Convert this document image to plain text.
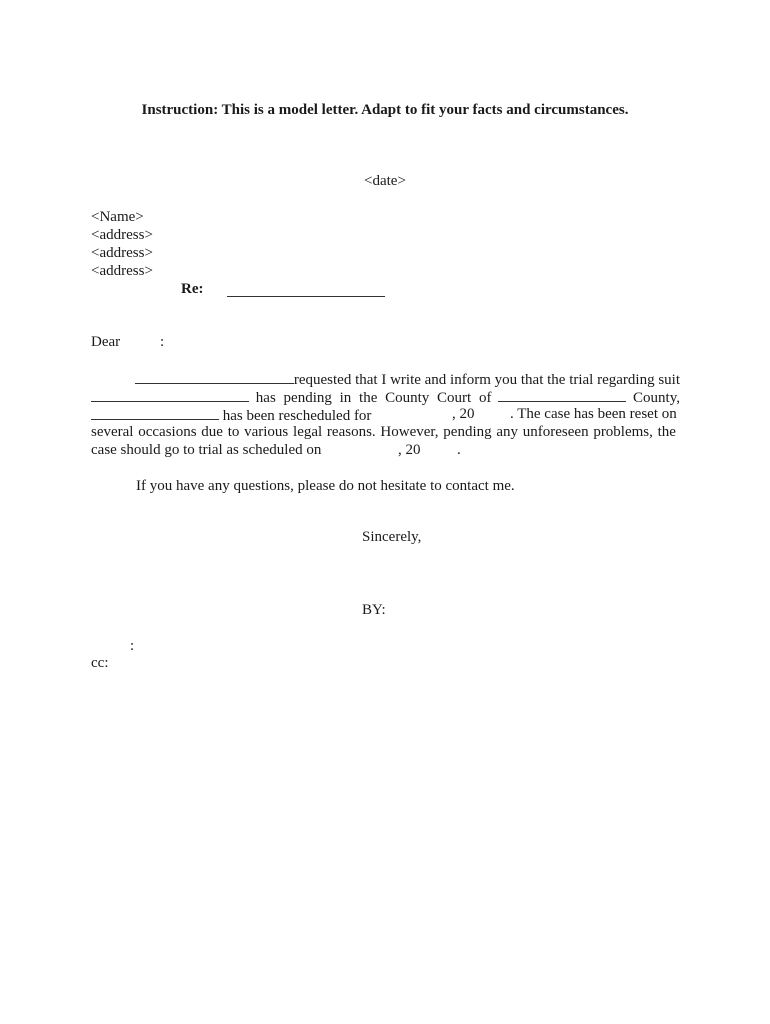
Instruction: This is a model letter. Adapt to fit your facts and circumstances.
<date>
<Name>
<address>
<address>
<address>
Re:
Dear	:
requested that I write and inform you that the trial regarding suit
has pending in the County Court of	County,
has been rescheduled for	, 20 . The case has been reset on
several occasions due to various legal reasons. However, pending any unforeseen problems, the
case should go to trial as scheduled on	, 20 .
If you have any questions, please do not hesitate to contact me.
Sincerely,
BY:
:
cc:
